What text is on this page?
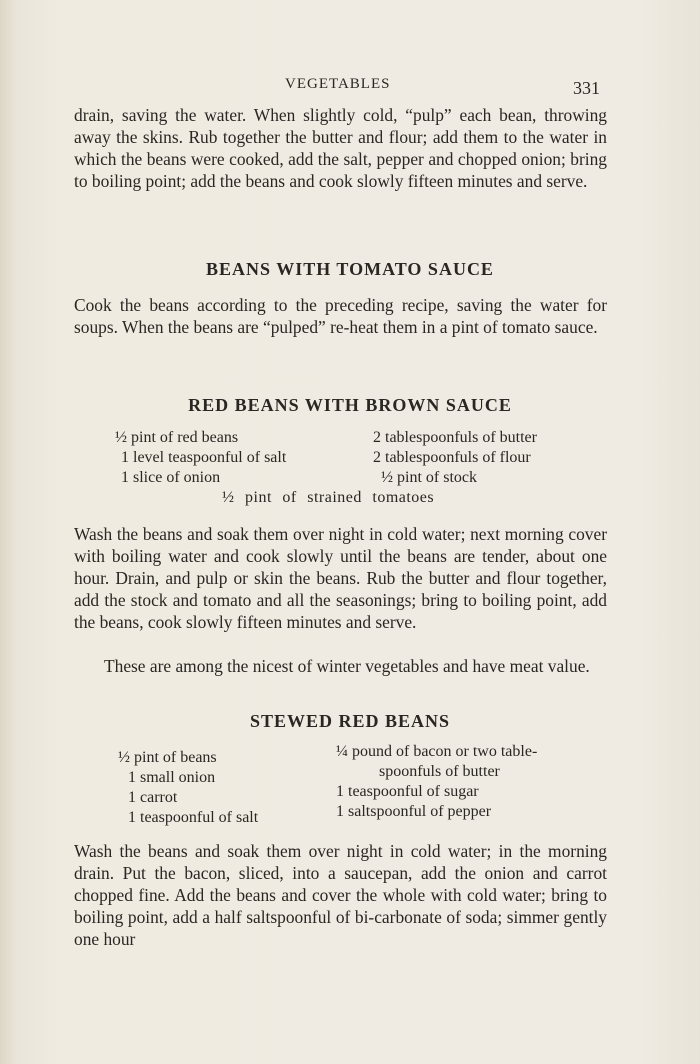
VEGETABLES	331

drain, saving the water. When slightly cold, “pulp” each bean, throwing away the skins. Rub together the butter and flour; add them to the water in which the beans were cooked, add the salt, pepper and chopped onion; bring to boiling point; add the beans and cook slowly fifteen minutes and serve.

BEANS WITH TOMATO SAUCE

Cook the beans according to the preceding recipe, saving the water for soups. When the beans are “pulped” re-heat them in a pint of tomato sauce.

RED BEANS WITH BROWN SAUCE
½ pint of red beans
1 level teaspoonful of salt
1 slice of onion
2 tablespoonfuls of butter
2 tablespoonfuls of flour
½ pint of stock
½ pint of strained tomatoes

Wash the beans and soak them over night in cold water; next morning cover with boiling water and cook slowly until the beans are tender, about one hour. Drain, and pulp or skin the beans. Rub the butter and flour together, add the stock and tomato and all the seasonings; bring to boiling point, add the beans, cook slowly fifteen minutes and serve.

These are among the nicest of winter vegetables and have meat value.

STEWED RED BEANS
½ pint of beans
1 small onion
1 carrot
1 teaspoonful of salt
¼ pound of bacon or two table-
spoonfuls of butter
1 teaspoonful of sugar
1 saltspoonful of pepper

Wash the beans and soak them over night in cold water; in the morning drain. Put the bacon, sliced, into a saucepan, add the onion and carrot chopped fine. Add the beans and cover the whole with cold water; bring to boiling point, add a half saltspoonful of bi-carbonate of soda; simmer gently one hour
